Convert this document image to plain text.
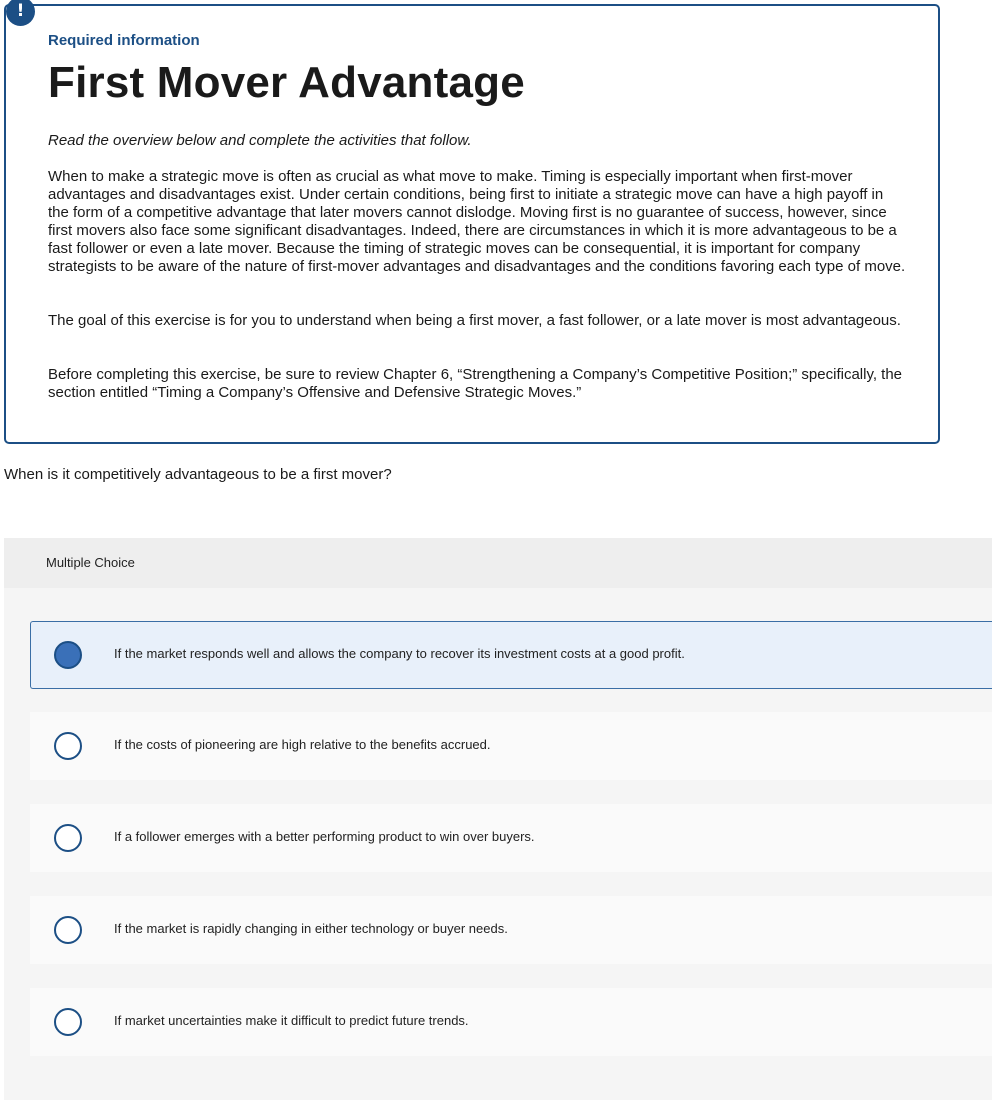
!
Required information
First Mover Advantage
Read the overview below and complete the activities that follow.

When to make a strategic move is often as crucial as what move to make. Timing is especially important when first-mover advantages and disadvantages exist. Under certain conditions, being first to initiate a strategic move can have a high payoff in the form of a competitive advantage that later movers cannot dislodge. Moving first is no guarantee of success, however, since first movers also face some significant disadvantages. Indeed, there are circumstances in which it is more advantageous to be a fast follower or even a late mover. Because the timing of strategic moves can be consequential, it is important for company strategists to be aware of the nature of first-mover advantages and disadvantages and the conditions favoring each type of move.

The goal of this exercise is for you to understand when being a first mover, a fast follower, or a late mover is most advantageous.

Before completing this exercise, be sure to review Chapter 6, “Strengthening a Company’s Competitive Position;” specifically, the section entitled “Timing a Company’s Offensive and Defensive Strategic Moves.”

When is it competitively advantageous to be a first mover?
Multiple Choice
If the market responds well and allows the company to recover its investment costs at a good profit.
If the costs of pioneering are high relative to the benefits accrued.
If a follower emerges with a better performing product to win over buyers.
If the market is rapidly changing in either technology or buyer needs.
If market uncertainties make it difficult to predict future trends.
